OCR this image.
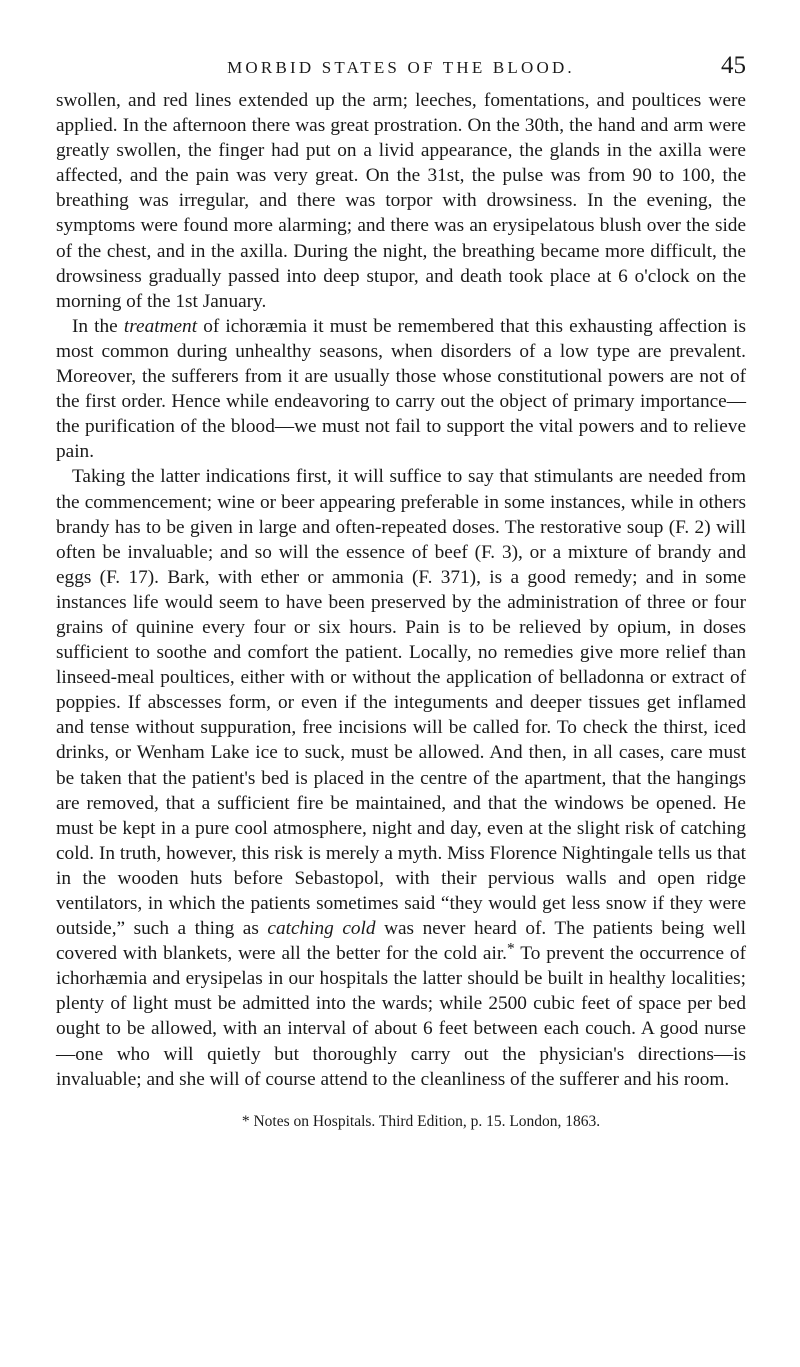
MORBID STATES OF THE BLOOD.	45

swollen, and red lines extended up the arm; leeches, fomentations, and poultices were applied. In the afternoon there was great prostration. On the 30th, the hand and arm were greatly swollen, the finger had put on a livid appearance, the glands in the axilla were affected, and the pain was very great. On the 31st, the pulse was from 90 to 100, the breathing was irregular, and there was torpor with drowsiness. In the evening, the symptoms were found more alarming; and there was an erysipelatous blush over the side of the chest, and in the axilla. During the night, the breathing became more difficult, the drowsiness gradually passed into deep stupor, and death took place at 6 o'clock on the morning of the 1st January.

In the treatment of ichoræmia it must be remembered that this exhausting affection is most common during unhealthy seasons, when disorders of a low type are prevalent. Moreover, the sufferers from it are usually those whose constitutional powers are not of the first order. Hence while endeavoring to carry out the object of primary importance—the purification of the blood—we must not fail to support the vital powers and to relieve pain.

Taking the latter indications first, it will suffice to say that stimulants are needed from the commencement; wine or beer appearing preferable in some instances, while in others brandy has to be given in large and often-repeated doses. The restorative soup (F. 2) will often be invaluable; and so will the essence of beef (F. 3), or a mixture of brandy and eggs (F. 17). Bark, with ether or ammonia (F. 371), is a good remedy; and in some instances life would seem to have been preserved by the administration of three or four grains of quinine every four or six hours. Pain is to be relieved by opium, in doses sufficient to soothe and comfort the patient. Locally, no remedies give more relief than linseed-meal poultices, either with or without the application of belladonna or extract of poppies. If abscesses form, or even if the integuments and deeper tissues get inflamed and tense without suppuration, free incisions will be called for. To check the thirst, iced drinks, or Wenham Lake ice to suck, must be allowed. And then, in all cases, care must be taken that the patient's bed is placed in the centre of the apartment, that the hangings are removed, that a sufficient fire be maintained, and that the windows be opened. He must be kept in a pure cool atmosphere, night and day, even at the slight risk of catching cold. In truth, however, this risk is merely a myth. Miss Florence Nightingale tells us that in the wooden huts before Sebastopol, with their pervious walls and open ridge ventilators, in which the patients sometimes said “they would get less snow if they were outside,” such a thing as catching cold was never heard of. The patients being well covered with blankets, were all the better for the cold air.* To prevent the occurrence of ichorhæmia and erysipelas in our hospitals the latter should be built in healthy localities; plenty of light must be admitted into the wards; while 2500 cubic feet of space per bed ought to be allowed, with an interval of about 6 feet between each couch. A good nurse—one who will quietly but thoroughly carry out the physician's directions—is invaluable; and she will of course attend to the cleanliness of the sufferer and his room.

* Notes on Hospitals. Third Edition, p. 15. London, 1863.
